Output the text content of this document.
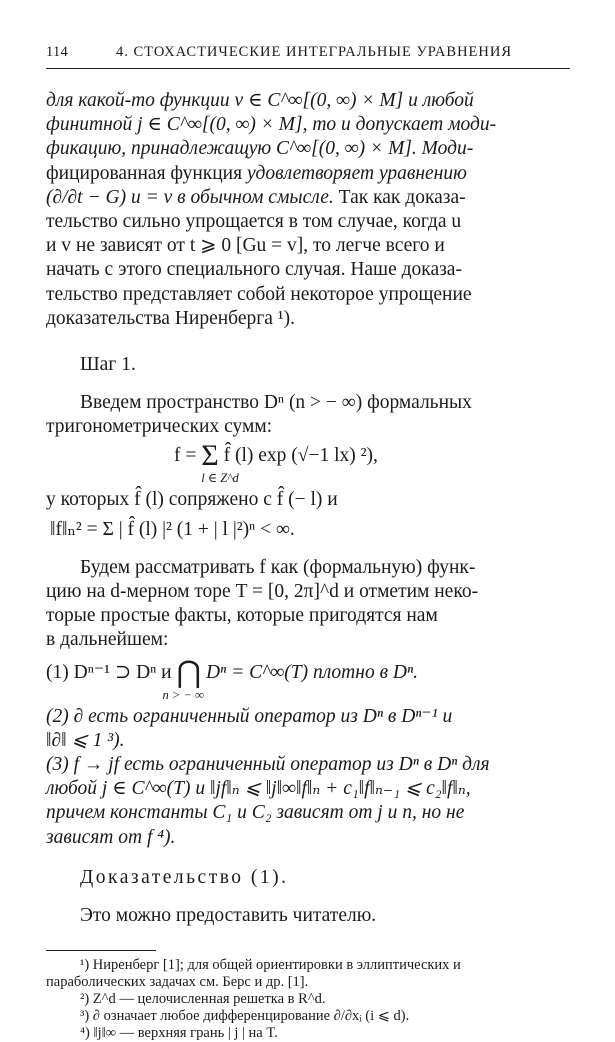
114	4. СТОХАСТИЧЕСКИЕ ИНТЕГРАЛЬНЫЕ УРАВНЕНИЯ
для какой-то функции v ∈ C^∞[(0, ∞) × M] и любой
финитной j ∈ C^∞[(0, ∞) × M], то и допускает моди-
фикацию, принадлежащую C^∞[(0, ∞) × M]. Моди-
фицированная функция удовлетворяет уравнению
(∂/∂t − G) u = v в обычном смысле. Так как доказа-
тельство сильно упрощается в том случае, когда u
и v не зависят от t ⩾ 0 [Gu = v], то легче всего и
начать с этого специального случая. Наше доказа-
тельство представляет собой некоторое упрощение
доказательства Ниренберга ¹).
Шаг 1.
Введем пространство Dⁿ (n > − ∞) формальных
тригонометрических сумм:
f = Σ
l ∈ Z^d
f̂ (l) exp (√−1 lx) ²),
у которых f̂ (l) сопряжено с f̂ (− l) и
‖f‖ₙ² = Σ | f̂ (l) |² (1 + | l |²)ⁿ < ∞.
Будем рассматривать f как (формальную) функ-
цию на d-мерном торе T = [0, 2π]^d и отметим неко-
торые простые факты, которые пригодятся нам
в дальнейшем:
(1) Dⁿ⁻¹ ⊃ Dⁿ и ⋂
n > − ∞
Dⁿ = C^∞(T) плотно в Dⁿ.
(2) ∂ есть ограниченный оператор из Dⁿ в Dⁿ⁻¹ и
‖∂‖ ⩽ 1 ³).
(3) f → jf есть ограниченный оператор из Dⁿ в Dⁿ для
любой j ∈ C^∞(T) и ‖jf‖ₙ ⩽ ‖j‖∞‖f‖ₙ + c₁‖f‖ₙ₋₁ ⩽ c₂‖f‖ₙ,
причем константы C₁ и C₂ зависят от j и n, но не
зависят от f ⁴).
Доказательство (1).
Это можно предоставить читателю.
¹) Ниренберг [1]; для общей ориентировки в эллиптических и
параболических задачах см. Берс и др. [1].
²) Z^d — целочисленная решетка в R^d.
³) ∂ означает любое дифференцирование ∂/∂xᵢ (i ⩽ d).
⁴) ‖j‖∞ — верхняя грань | j | на T.
